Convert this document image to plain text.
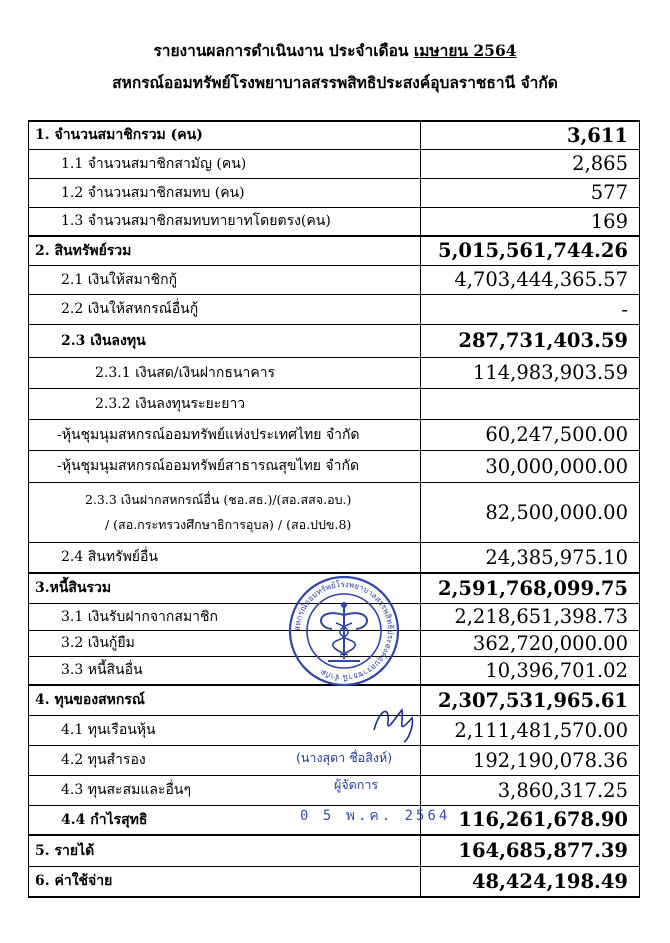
รายงานผลการดำเนินงาน ประจำเดือน เมษายน 2564
สหกรณ์ออมทรัพย์โรงพยาบาลสรรพสิทธิประสงค์อุบลราชธานี จำกัด
1. จำนวนสมาชิกรวม (คน)	3,611
1.1 จำนวนสมาชิกสามัญ (คน)	2,865
1.2 จำนวนสมาชิกสมทบ (คน)	577
1.3 จำนวนสมาชิกสมทบทายาทโดยตรง(คน)	169
2. สินทรัพย์รวม	5,015,561,744.26
2.1 เงินให้สมาชิกกู้	4,703,444,365.57
2.2 เงินให้สหกรณ์อื่นกู้	-
2.3 เงินลงทุน	287,731,403.59
2.3.1 เงินสด/เงินฝากธนาคาร	114,983,903.59
2.3.2 เงินลงทุนระยะยาว	
-หุ้นชุมนุมสหกรณ์ออมทรัพย์แห่งประเทศไทย จำกัด	60,247,500.00
-หุ้นชุมนุมสหกรณ์ออมทรัพย์สาธารณสุขไทย จำกัด	30,000,000.00
2.3.3 เงินฝากสหกรณ์อื่น (ชอ.สธ.)/(สอ.สสจ.อบ.)
/ (สอ.กระทรวงศึกษาธิการอุบล) / (สอ.ปปข.8)	82,500,000.00
2.4 สินทรัพย์อื่น	24,385,975.10
3.หนี้สินรวม	2,591,768,099.75
3.1 เงินรับฝากจากสมาชิก	2,218,651,398.73
3.2 เงินกู้ยืม	362,720,000.00
3.3 หนี้สินอื่น	10,396,701.02
4. ทุนของสหกรณ์	2,307,531,965.61
4.1 ทุนเรือนหุ้น	2,111,481,570.00
4.2 ทุนสำรอง	192,190,078.36
4.3 ทุนสะสมและอื่นๆ	3,860,317.25
4.4 กำไรสุทธิ	116,261,678.90
5. รายได้	164,685,877.39
6. ค่าใช้จ่าย	48,424,198.49
สหกรณ์ออมทรัพย์โรงพยาบาลสรรพสิทธิประสงค์อุบลราชธานี จำกัด
(นางสุดา ชื่อสิงห์)
ผู้จัดการ
0 5 พ.ค. 2564
